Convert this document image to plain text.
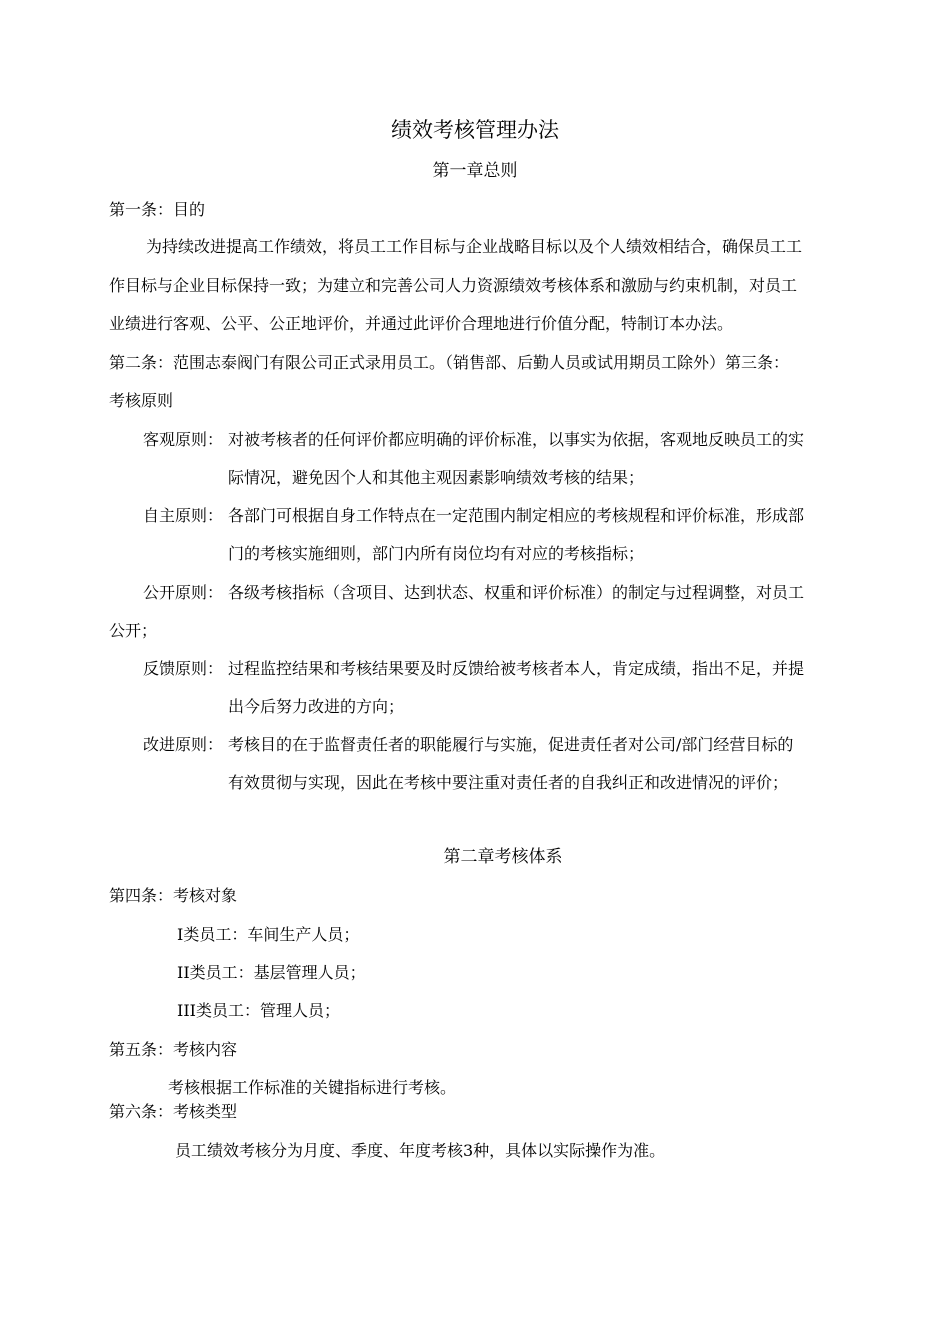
绩效考核管理办法
第一章总则
第一条：目的
为持续改进提高工作绩效，将员工工作目标与企业战略目标以及个人绩效相结合，确保员工工
作目标与企业目标保持一致；为建立和完善公司人力资源绩效考核体系和激励与约束机制，对员工
业绩进行客观、公平、公正地评价，并通过此评价合理地进行价值分配，特制订本办法。
第二条：范围志泰阀门有限公司正式录用员工。（销售部、后勤人员或试用期员工除外）第三条：
考核原则
客观原则： 对被考核者的任何评价都应明确的评价标准，以事实为依据，客观地反映员工的实
际情况，避免因个人和其他主观因素影响绩效考核的结果；
自主原则： 各部门可根据自身工作特点在一定范围内制定相应的考核规程和评价标准，形成部
门的考核实施细则，部门内所有岗位均有对应的考核指标；
公开原则： 各级考核指标（含项目、达到状态、权重和评价标准）的制定与过程调整，对员工
公开；
反馈原则： 过程监控结果和考核结果要及时反馈给被考核者本人，肯定成绩，指出不足，并提
出今后努力改进的方向；
改进原则： 考核目的在于监督责任者的职能履行与实施，促进责任者对公司/部门经营目标的
有效贯彻与实现，因此在考核中要注重对责任者的自我纠正和改进情况的评价；
第二章考核体系
第四条：考核对象
I类员工：车间生产人员；
II类员工：基层管理人员；
III类员工：管理人员；
第五条：考核内容
考核根据工作标准的关键指标进行考核。
第六条：考核类型
员工绩效考核分为月度、季度、年度考核3种，具体以实际操作为准。
